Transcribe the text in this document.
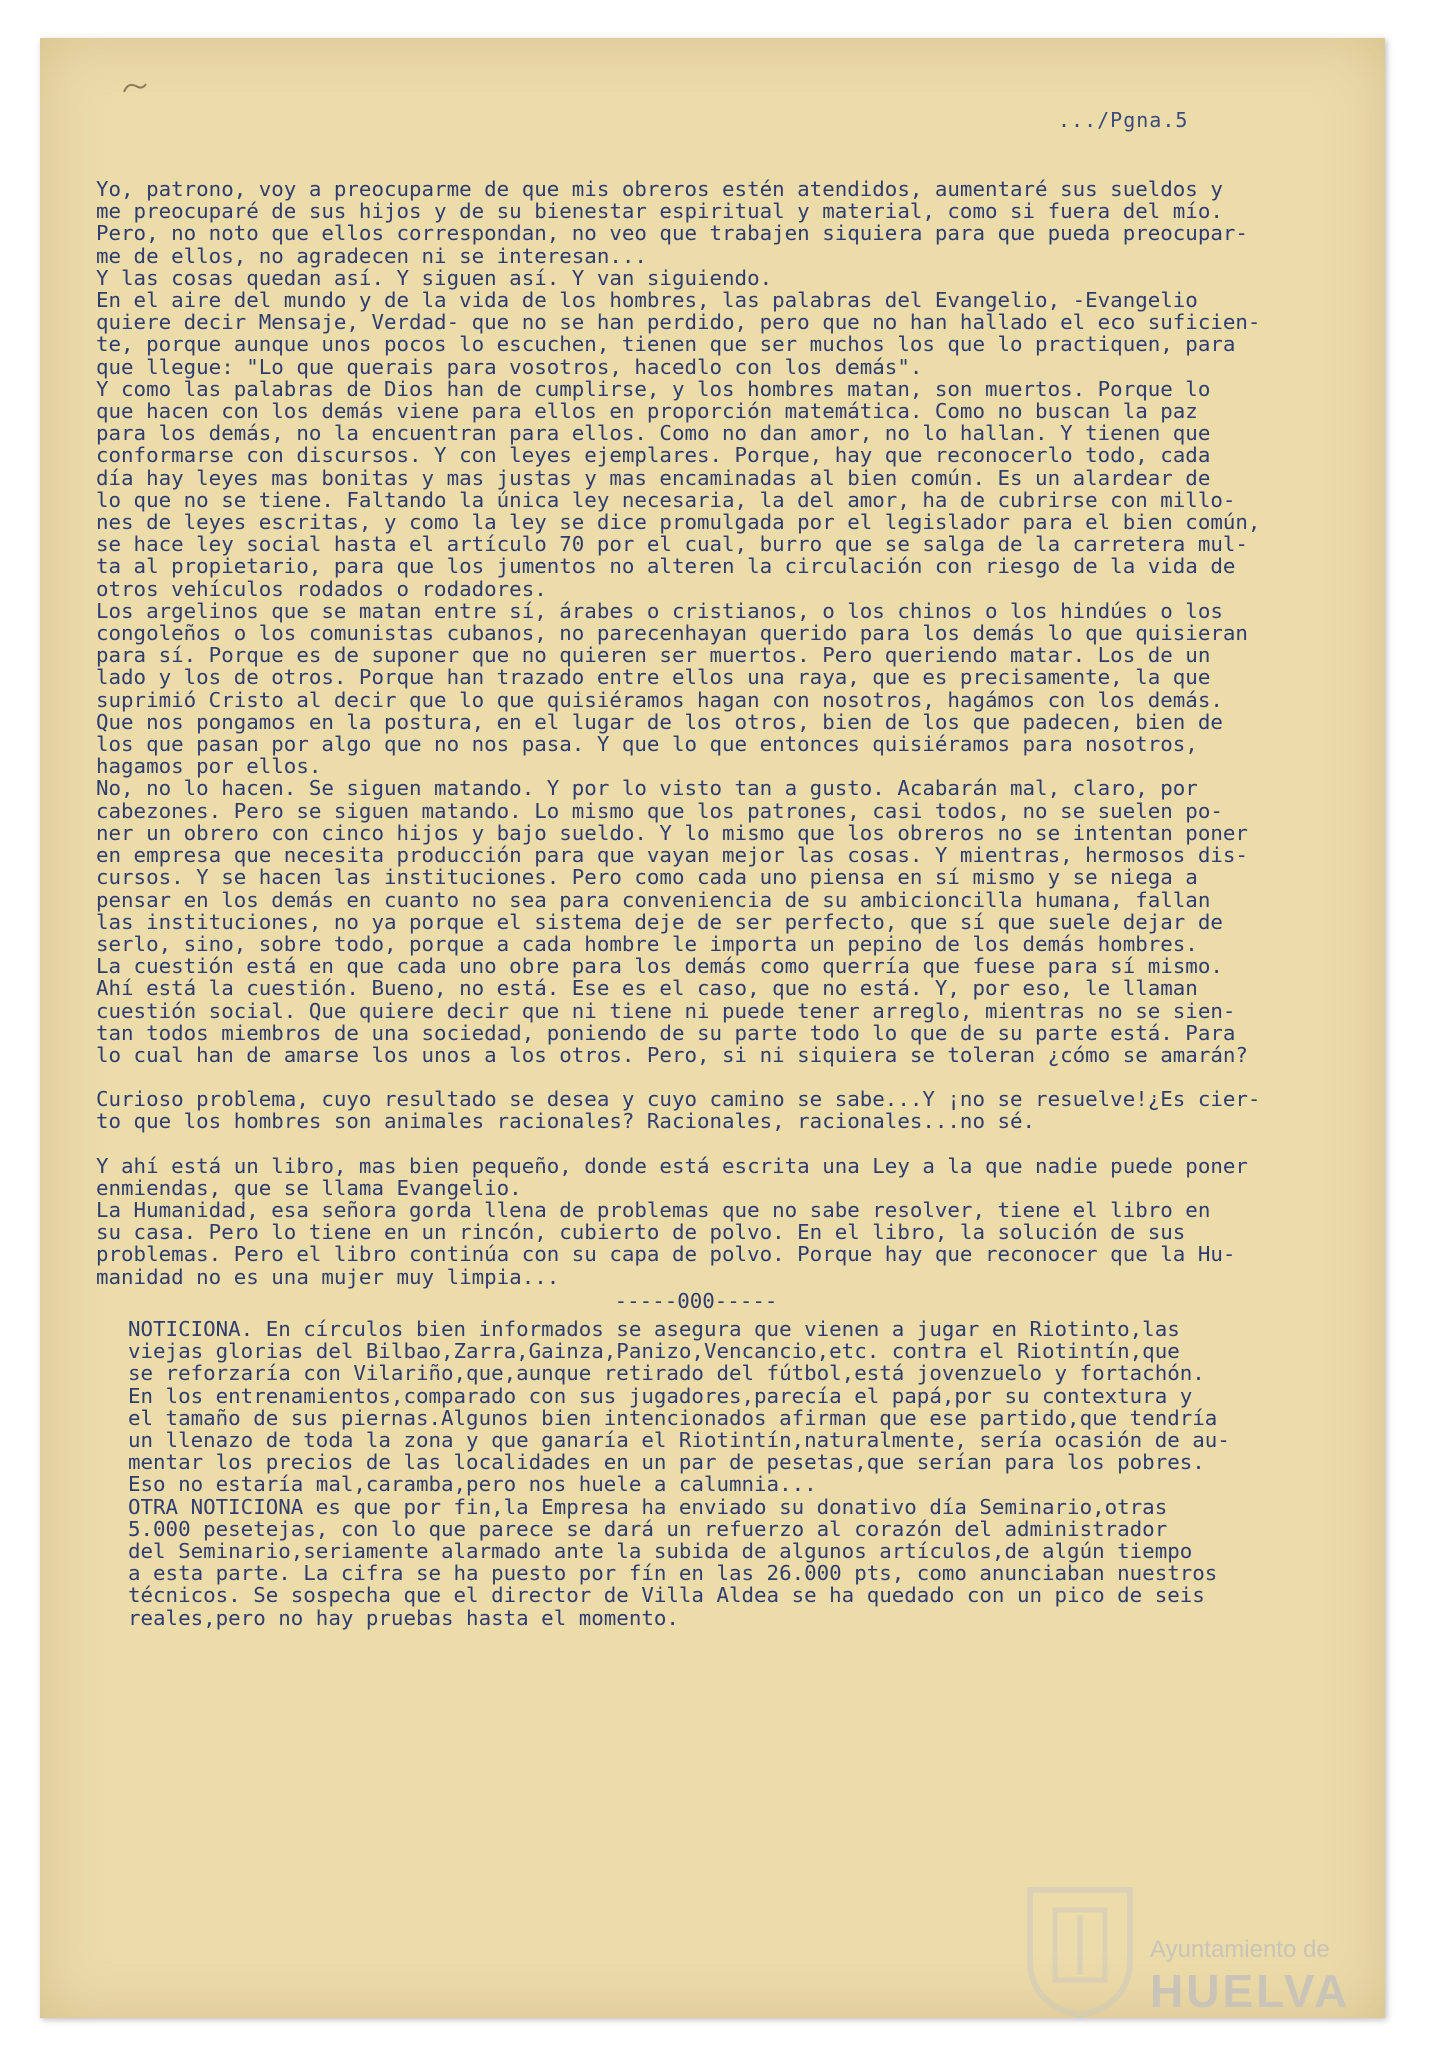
.../Pgna.5

Yo, patrono, voy a preocuparme de que mis obreros estén atendidos, aumentaré sus sueldos y

me preocuparé de sus hijos y de su bienestar espiritual y material, como si fuera del mío.

Pero, no noto que ellos correspondan, no veo que trabajen siquiera para que pueda preocupar-

me de ellos, no agradecen ni se interesan...

Y las cosas quedan así. Y siguen así. Y van siguiendo.

En el aire del mundo y de la vida de los hombres, las palabras del Evangelio, -Evangelio

quiere decir Mensaje, Verdad- que no se han perdido, pero que no han hallado el eco suficien-

te, porque aunque unos pocos lo escuchen, tienen que ser muchos los que lo practiquen, para

que llegue: "Lo que querais para vosotros, hacedlo con los demás".

Y como las palabras de Dios han de cumplirse, y los hombres matan, son muertos. Porque lo

que hacen con los demás viene para ellos en proporción matemática. Como no buscan la paz

para los demás, no la encuentran para ellos. Como no dan amor, no lo hallan. Y tienen que

conformarse con discursos. Y con leyes ejemplares. Porque, hay que reconocerlo todo, cada

día hay leyes mas bonitas y mas justas y mas encaminadas al bien común. Es un alardear de

lo que no se tiene. Faltando la única ley necesaria, la del amor, ha de cubrirse con millo-

nes de leyes escritas, y como la ley se dice promulgada por el legislador para el bien común,

se hace ley social hasta el artículo 70 por el cual, burro que se salga de la carretera mul-

ta al propietario, para que los jumentos no alteren la circulación con riesgo de la vida de

otros vehículos rodados o rodadores.

Los argelinos que se matan entre sí, árabes o cristianos, o los chinos o los hindúes o los

congoleños o los comunistas cubanos, no parecenhayan querido para los demás lo que quisieran

para sí. Porque es de suponer que no quieren ser muertos. Pero queriendo matar. Los de un

lado y los de otros. Porque han trazado entre ellos una raya, que es precisamente, la que

suprimió Cristo al decir que lo que quisiéramos hagan con nosotros, hagámos con los demás.

Que nos pongamos en la postura, en el lugar de los otros, bien de los que padecen, bien de

los que pasan por algo que no nos pasa. Y que lo que entonces quisiéramos para nosotros,

hagamos por ellos.

No, no lo hacen. Se siguen matando. Y por lo visto tan a gusto. Acabarán mal, claro, por

cabezones. Pero se siguen matando. Lo mismo que los patrones, casi todos, no se suelen po-

ner un obrero con cinco hijos y bajo sueldo. Y lo mismo que los obreros no se intentan poner

en empresa que necesita producción para que vayan mejor las cosas. Y mientras, hermosos dis-

cursos. Y se hacen las instituciones. Pero como cada uno piensa en sí mismo y se niega a

pensar en los demás en cuanto no sea para conveniencia de su ambicioncilla humana, fallan

las instituciones, no ya porque el sistema deje de ser perfecto, que sí que suele dejar de

serlo, sino, sobre todo, porque a cada hombre le importa un pepino de los demás hombres.

La cuestión está en que cada uno obre para los demás como querría que fuese para sí mismo.

Ahí está la cuestión. Bueno, no está. Ese es el caso, que no está. Y, por eso, le llaman

cuestión social. Que quiere decir que ni tiene ni puede tener arreglo, mientras no se sien-

tan todos miembros de una sociedad, poniendo de su parte todo lo que de su parte está. Para

lo cual han de amarse los unos a los otros. Pero, si ni siquiera se toleran ¿cómo se amarán?

Curioso problema, cuyo resultado se desea y cuyo camino se sabe...Y ¡no se resuelve!¿Es cier-

to que los hombres son animales racionales? Racionales, racionales...no sé.

Y ahí está un libro, mas bien pequeño, donde está escrita una Ley a la que nadie puede poner

enmiendas, que se llama Evangelio.

La Humanidad, esa señora gorda llena de problemas que no sabe resolver, tiene el libro en

su casa. Pero lo tiene en un rincón, cubierto de polvo. En el libro, la solución de sus

problemas. Pero el libro continúa con su capa de polvo. Porque hay que reconocer que la Hu-

manidad no es una mujer muy limpia...

-----000-----

NOTICIONA. En círculos bien informados se asegura que vienen a jugar en Riotinto,las

viejas glorias del Bilbao,Zarra,Gainza,Panizo,Vencancio,etc. contra el Riotintín,que

se reforzaría con Vilariño,que,aunque retirado del fútbol,está jovenzuelo y fortachón.

En los entrenamientos,comparado con sus jugadores,parecía el papá,por su contextura y

el tamaño de sus piernas.Algunos bien intencionados afirman que ese partido,que tendría

un llenazo de toda la zona y que ganaría el Riotintín,naturalmente, sería ocasión de au-

mentar los precios de las localidades en un par de pesetas,que serían para los pobres.

Eso no estaría mal,caramba,pero nos huele a calumnia...

OTRA NOTICIONA es que por fin,la Empresa ha enviado su donativo día Seminario,otras

5.000 pesetejas, con lo que parece se dará un refuerzo al corazón del administrador

del Seminario,seriamente alarmado ante la subida de algunos artículos,de algún tiempo

a esta parte. La cifra se ha puesto por fín en las 26.000 pts, como anunciaban nuestros

técnicos. Se sospecha que el director de Villa Aldea se ha quedado con un pico de seis

reales,pero no hay pruebas hasta el momento.

Ayuntamiento de
HUELVA
